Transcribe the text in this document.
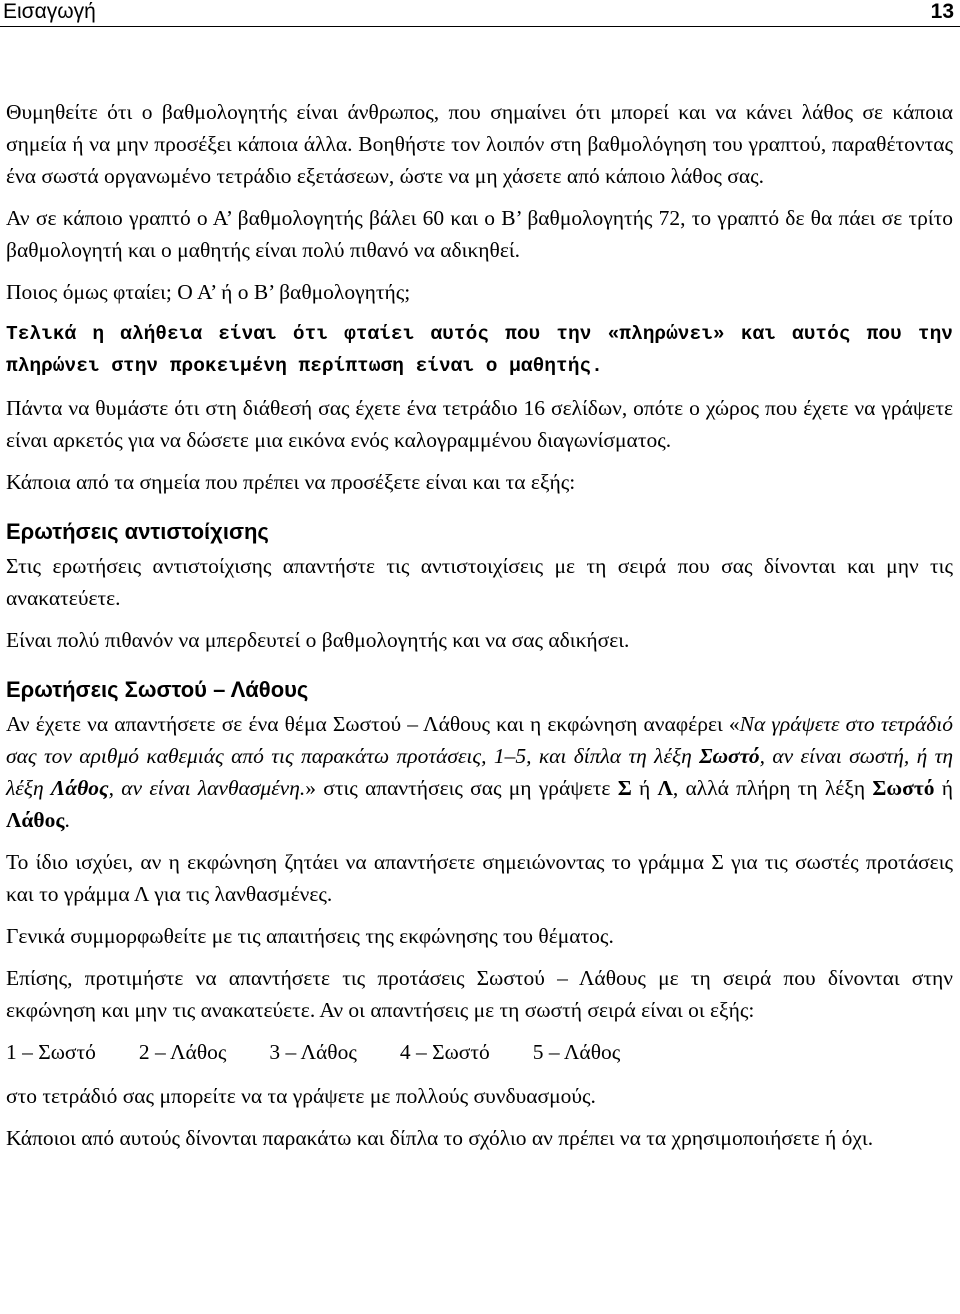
Εισαγωγή	13

Θυμηθείτε ότι ο βαθμολογητής είναι άνθρωπος, που σημαίνει ότι μπορεί και να κάνει λάθος σε κάποια σημεία ή να μην προσέξει κάποια άλλα. Βοηθήστε τον λοιπόν στη βαθμολόγηση του γραπτού, παραθέτοντας ένα σωστά οργανωμένο τετράδιο εξετάσεων, ώστε να μη χάσετε από κάποιο λάθος σας.

Αν σε κάποιο γραπτό ο Α’ βαθμολογητής βάλει 60 και ο Β’ βαθμολογητής 72, το γραπτό δε θα πάει σε τρίτο βαθμολογητή και ο μαθητής είναι πολύ πιθανό να αδικηθεί.

Ποιος όμως φταίει; Ο Α’ ή ο Β’ βαθμολογητής;

Τελικά η αλήθεια είναι ότι φταίει αυτός που την «πληρώνει» και αυτός που την πληρώνει στην προκειμένη περίπτωση είναι ο μαθητής.

Πάντα να θυμάστε ότι στη διάθεσή σας έχετε ένα τετράδιο 16 σελίδων, οπότε ο χώρος που έχετε να γράψετε είναι αρκετός για να δώσετε μια εικόνα ενός καλογραμμένου διαγωνίσματος.

Κάποια από τα σημεία που πρέπει να προσέξετε είναι και τα εξής:

Ερωτήσεις αντιστοίχισης

Στις ερωτήσεις αντιστοίχισης απαντήστε τις αντιστοιχίσεις με τη σειρά που σας δίνονται και μην τις ανακατεύετε.

Είναι πολύ πιθανόν να μπερδευτεί ο βαθμολογητής και να σας αδικήσει.

Ερωτήσεις Σωστού – Λάθους

Αν έχετε να απαντήσετε σε ένα θέμα Σωστού – Λάθους και η εκφώνηση αναφέρει «Να γράψετε στο τετράδιό σας τον αριθμό καθεμιάς από τις παρακάτω προτάσεις, 1–5, και δίπλα τη λέξη Σωστό, αν είναι σωστή, ή τη λέξη Λάθος, αν είναι λανθασμένη.» στις απαντήσεις σας μη γράψετε Σ ή Λ, αλλά πλήρη τη λέξη Σωστό ή Λάθος.

Το ίδιο ισχύει, αν η εκφώνηση ζητάει να απαντήσετε σημειώνοντας το γράμμα Σ για τις σωστές προτάσεις και το γράμμα Λ για τις λανθασμένες.

Γενικά συμμορφωθείτε με τις απαιτήσεις της εκφώνησης του θέματος.

Επίσης, προτιμήστε να απαντήσετε τις προτάσεις Σωστού – Λάθους με τη σειρά που δίνονται στην εκφώνηση και μην τις ανακατεύετε. Αν οι απαντήσεις με τη σωστή σειρά είναι οι εξής:

1 – Σωστό 2 – Λάθος 3 – Λάθος 4 – Σωστό 5 – Λάθος

στο τετράδιό σας μπορείτε να τα γράψετε με πολλούς συνδυασμούς.

Κάποιοι από αυτούς δίνονται παρακάτω και δίπλα το σχόλιο αν πρέπει να τα χρησιμοποιήσετε ή όχι.
